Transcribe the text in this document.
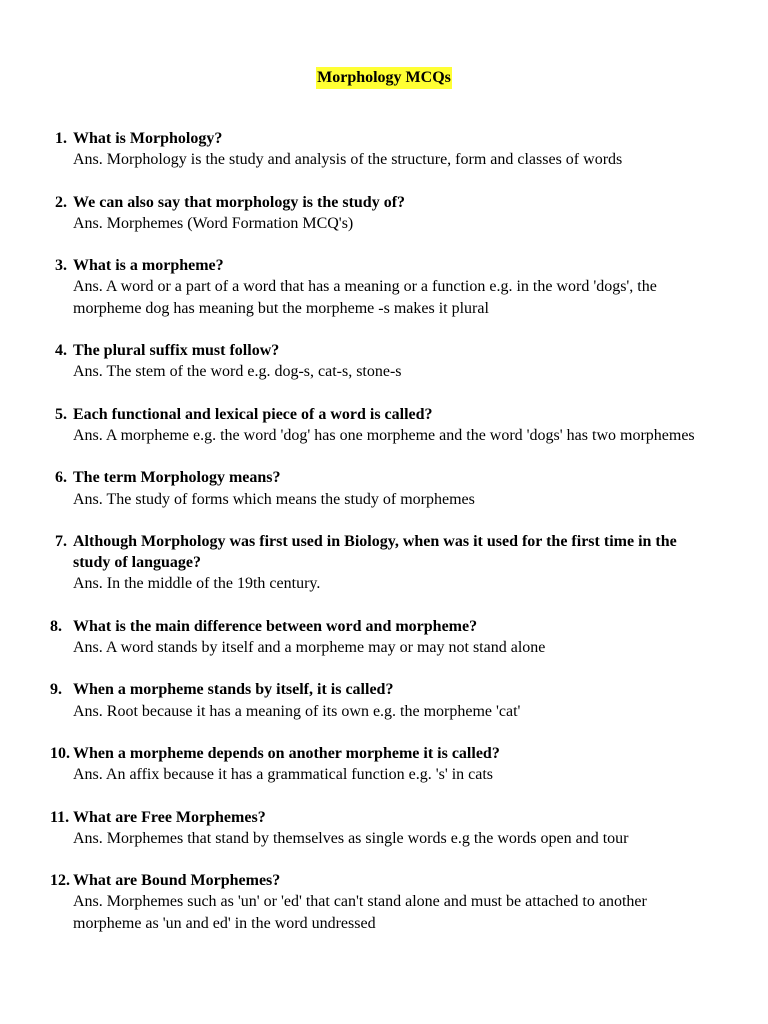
Morphology MCQs
1. What is Morphology?
Ans. Morphology is the study and analysis of the structure, form and classes of words
2. We can also say that morphology is the study of?
Ans. Morphemes (Word Formation MCQ's)
3. What is a morpheme?
Ans. A word or a part of a word that has a meaning or a function e.g. in the word 'dogs', the morpheme dog has meaning but the morpheme -s makes it plural
4. The plural suffix must follow?
Ans. The stem of the word e.g. dog-s, cat-s, stone-s
5. Each functional and lexical piece of a word is called?
Ans. A morpheme e.g. the word 'dog' has one morpheme and the word 'dogs' has two morphemes
6. The term Morphology means?
Ans. The study of forms which means the study of morphemes
7. Although Morphology was first used in Biology, when was it used for the first time in the study of language?
Ans. In the middle of the 19th century.
8. What is the main difference between word and morpheme?
Ans. A word stands by itself and a morpheme may or may not stand alone
9. When a morpheme stands by itself, it is called?
Ans. Root because it has a meaning of its own e.g. the morpheme 'cat'
10. When a morpheme depends on another morpheme it is called?
Ans. An affix because it has a grammatical function e.g. 's' in cats
11. What are Free Morphemes?
Ans. Morphemes that stand by themselves as single words e.g the words open and tour
12. What are Bound Morphemes?
Ans. Morphemes such as 'un' or 'ed' that can't stand alone and must be attached to another morpheme as 'un and ed' in the word undressed
